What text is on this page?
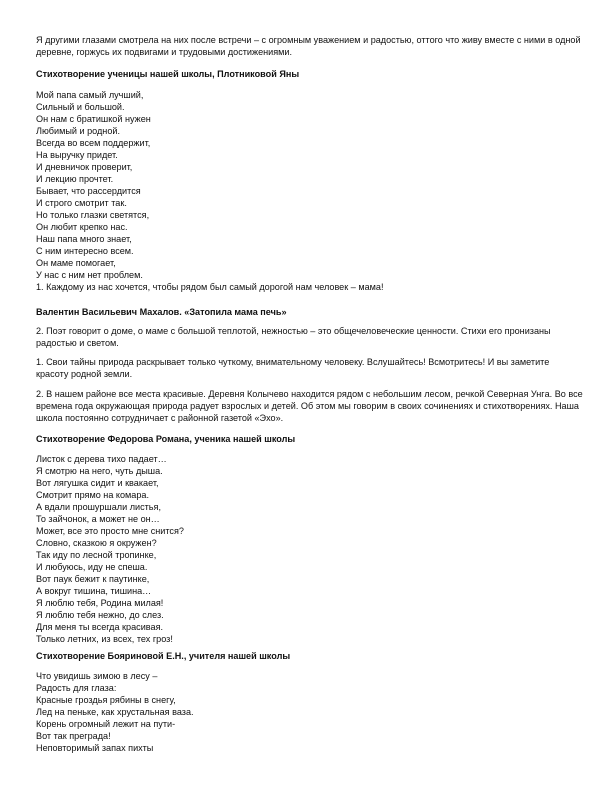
Я другими глазами смотрела на них после встречи – с огромным уважением и радостью, оттого что живу вместе с ними в одной деревне, горжусь их подвигами и трудовыми достижениями.

Стихотворение ученицы нашей школы, Плотниковой Яны

Мой папа самый лучший,
Сильный и большой.
Он нам с братишкой нужен
Любимый и родной.
Всегда во всем поддержит,
На выручку придет.
И дневничок проверит,
И лекцию прочтет.
Бывает, что рассердится
И строго смотрит так.
Но только глазки светятся,
Он любит крепко нас.
Наш папа много знает,
С ним интересно всем.
Он маме помогает,
У нас с ним нет проблем.
1. Каждому из нас хочется, чтобы рядом был самый дорогой нам человек – мама!

Валентин Васильевич Махалов. «Затопила мама печь»

2. Поэт говорит о доме, о маме с большой теплотой, нежностью – это общечеловеческие ценности. Стихи его пронизаны радостью и светом.

1. Свои тайны природа раскрывает только чуткому, внимательному человеку. Вслушайтесь! Всмотритесь! И вы заметите красоту родной земли.

2. В нашем районе все места красивые. Деревня Колычево находится рядом с небольшим лесом, речкой Северная Унгa. Во все времена года окружающая природа радует взрослых и детей. Об этом мы говорим в своих сочинениях и стихотворениях. Наша школа постоянно сотрудничает с районной газетой «Эхо».

Стихотворение Федорова Романа, ученика нашей школы

Листок с дерева тихо падает…
Я смотрю на него, чуть дыша.
Вот лягушка сидит и квакает,
Смотрит прямо на комара.
А вдали прошуршали листья,
То зайчонок, а может не он…
Может, все это просто мне снится?
Словно, сказкою я окружен?
Так иду по лесной тропинке,
И любуюсь, иду не спеша.
Вот паук бежит к паутинке,
А вокруг тишина, тишина…
Я люблю тебя, Родина милая!
Я люблю тебя нежно, до слез.
Для меня ты всегда красивая.
Только летних, из всех, тех гроз!

Стихотворение Бояриновой Е.Н., учителя нашей школы

Что увидишь зимою в лесу –
Радость для глаза:
Красные гроздья рябины в снегу,
Лед на пеньке, как хрустальная ваза.
Корень огромный лежит на пути-
Вот так преграда!
Неповторимый запах пихты
